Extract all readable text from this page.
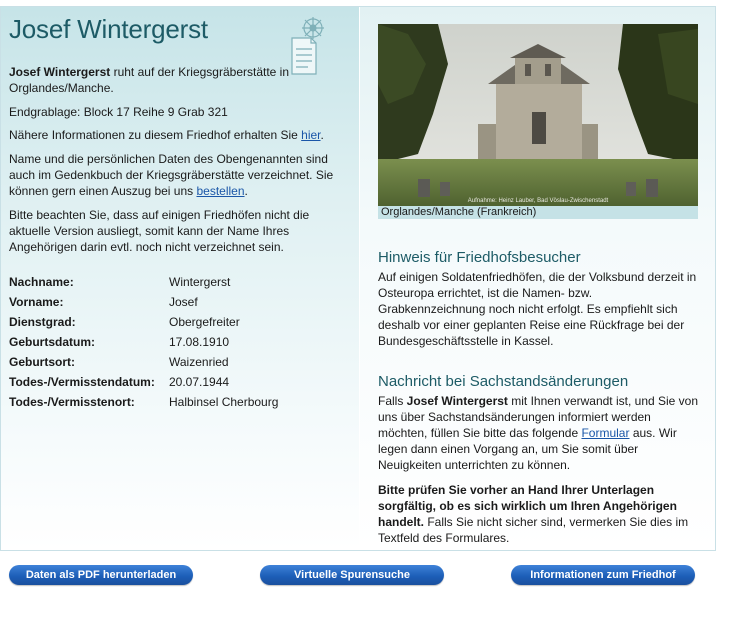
Josef Wintergerst

Josef Wintergerst ruht auf der Kriegsgräberstätte in Orglandes/Manche.

Endgrablage: Block 17 Reihe 9 Grab 321

Nähere Informationen zu diesem Friedhof erhalten Sie hier.

Name und die persönlichen Daten des Obengenannten sind auch im Gedenkbuch der Kriegsgräberstätte verzeichnet. Sie können gern einen Auszug bei uns bestellen.

Bitte beachten Sie, dass auf einigen Friedhöfen nicht die aktuelle Version ausliegt, somit kann der Name Ihres Angehörigen darin evtl. noch nicht verzeichnet sein.

Nachname:	Wintergerst
Vorname:	Josef
Dienstgrad:	Obergefreiter
Geburtsdatum:	17.08.1910
Geburtsort:	Waizenried
Todes-/Vermisstendatum:	20.07.1944
Todes-/Vermisstenort:	Halbinsel Cherbourg
Aufnahme: Heinz Lauber, Bad Vöslau-Zwischenstadt
Orglandes/Manche (Frankreich)
Hinweis für Friedhofsbesucher

Auf einigen Soldatenfriedhöfen, die der Volksbund derzeit in Osteuropa errichtet, ist die Namen- bzw. Grabkennzeichnung noch nicht erfolgt. Es empfiehlt sich deshalb vor einer geplanten Reise eine Rückfrage bei der Bundesgeschäftsstelle in Kassel.

Nachricht bei Sachstandsänderungen

Falls Josef Wintergerst mit Ihnen verwandt ist, und Sie von uns über Sachstandsänderungen informiert werden möchten, füllen Sie bitte das folgende Formular aus. Wir legen dann einen Vorgang an, um Sie somit über Neuigkeiten unterrichten zu können.

Bitte prüfen Sie vorher an Hand Ihrer Unterlagen sorgfältig, ob es sich wirklich um Ihren Angehörigen handelt. Falls Sie nicht sicher sind, vermerken Sie dies im Textfeld des Formulares.

Daten als PDF herunterladen	Virtuelle Spurensuche	Informationen zum Friedhof
